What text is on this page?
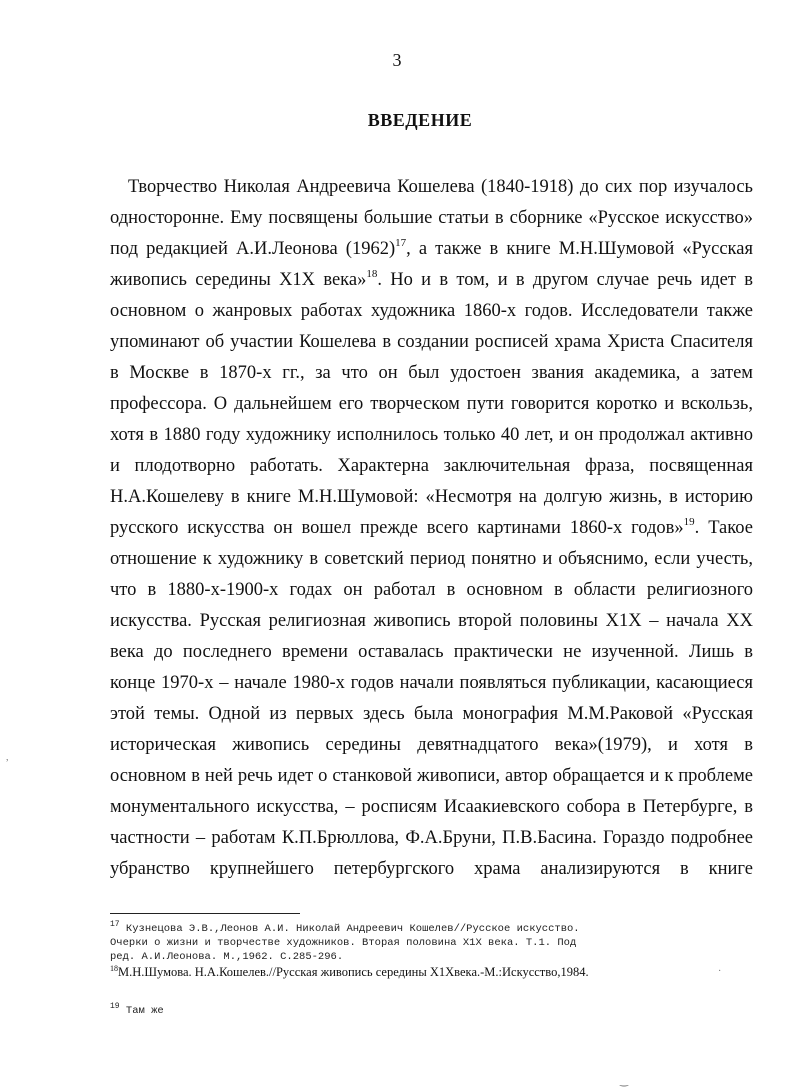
3
ВВЕДЕНИЕ
Творчество Николая Андреевича Кошелева (1840-1918) до сих пор изучалось
односторонне. Ему посвящены большие статьи в сборнике «Русское искусство»
под редакцией А.И.Леонова $(1962)^{17}$, а также в книге М.Н.Шумовой «Русская
живопись середины Х1Х века»$^{18}$. Но и в том, и в другом случае речь идет в
основном о жанровых работах художника 1860-х годов. Исследователи также
упоминают об участии Кошелева в создании росписей храма Христа Спасителя
в Москве в 1870-х гг., за что он был удостоен звания академика, а затем
профессора. О дальнейшем его творческом пути говорится коротко и вскользь,
хотя в 1880 году художнику исполнилось только 40 лет, и он продолжал активно
и плодотворно работать. Характерна заключительная фраза, посвященная
Н.А.Кошелеву в книге М.Н.Шумовой: «Несмотря на долгую жизнь, в историю
русского искусства он вошел прежде всего картинами 1860-х годов»$^{19}$. Такое
отношение к художнику в советский период понятно и объяснимо, если учесть,
что в 1880-х-1900-х годах он работал в основном в области религиозного
искусства. Русская религиозная живопись второй половины Х1Х – начала ХХ
века до последнего времени оставалась практически не изученной. Лишь в
конце 1970-х – начале 1980-х годов начали появляться публикации, касающиеся
этой темы. Одной из первых здесь была монография М.М.Раковой «Русская
историческая живопись середины девятнадцатого века»(1979), и хотя в
основном в ней речь идет о станковой живописи, автор обращается и к проблеме
монументального искусства, – росписям Исаакиевского собора в Петербурге, в
частности – работам К.П.Брюллова, Ф.А.Бруни, П.В.Басина. Гораздо подробнее
убранство крупнейшего петербургского храма анализируются в книге
$^{17}$ Кузнецова Э.В.,Леонов А.И. Николай Андреевич Кошелев//Русское искусство.
Очерки о жизни и творчестве художников. Вторая половина Х1Х века. Т.1. Под
ред. А.И.Леонова. М.,1962. С.285-296.
$^{18}$М.Н.Шумова. Н.А.Кошелев.//Русская живопись середины Х1Хвека.-М.:Искусство,1984.
$^{19}$ Там же
,
·
‿
